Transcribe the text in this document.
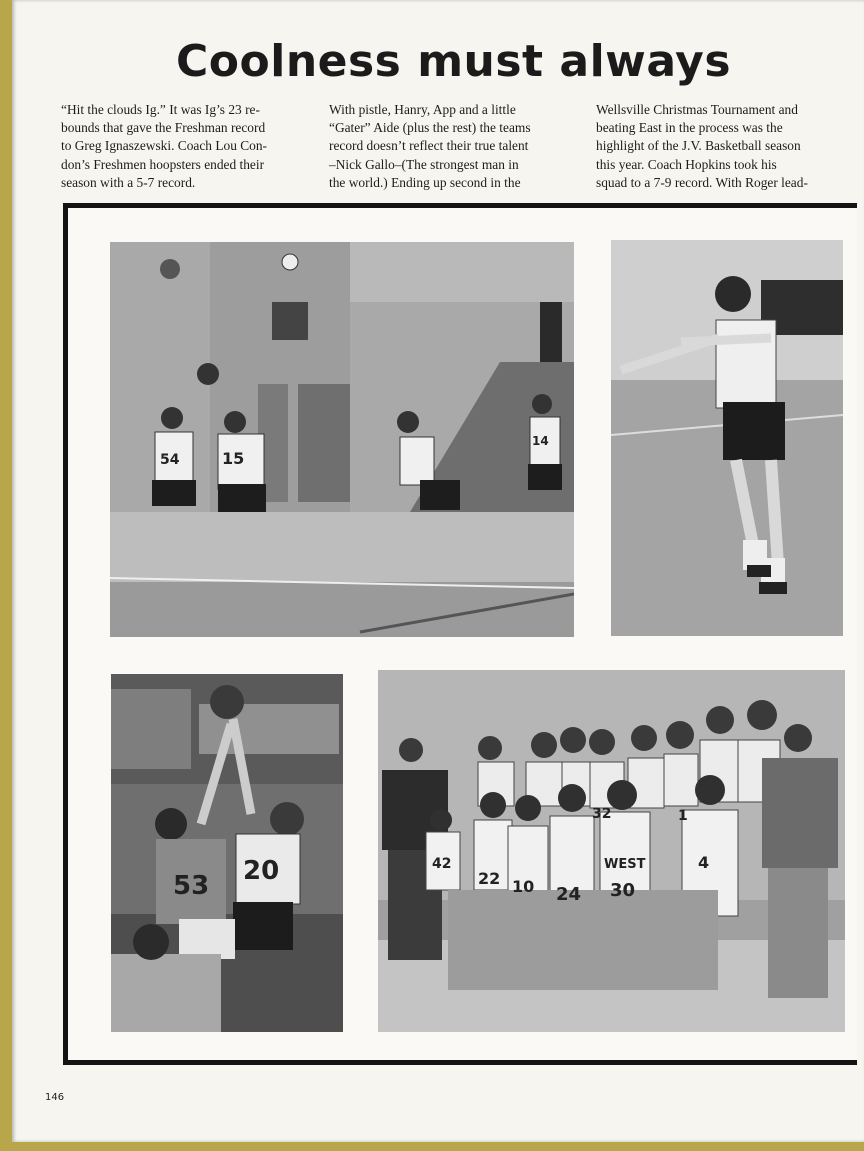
Coolness must always

“Hit the clouds Ig.” It was Ig’s 23 re-

bounds that gave the Freshman record

to Greg Ignaszewski. Coach Lou Con-

don’s Freshmen hoopsters ended their

season with a 5-7 record.

With pistle, Hanry, App and a little

“Gater” Aide (plus the rest) the teams

record doesn’t reflect their true talent

–Nick Gallo–(The strongest man in

the world.) Ending up second in the

Wellsville Christmas Tournament and

beating East in the process was the

highlight of the J.V. Basketball season

this year. Coach Hopkins took his

squad to a 7-9 record. With Roger lead-

54	15
14
53 20	42
22 10 24 30
4
32	1
WEST
146
